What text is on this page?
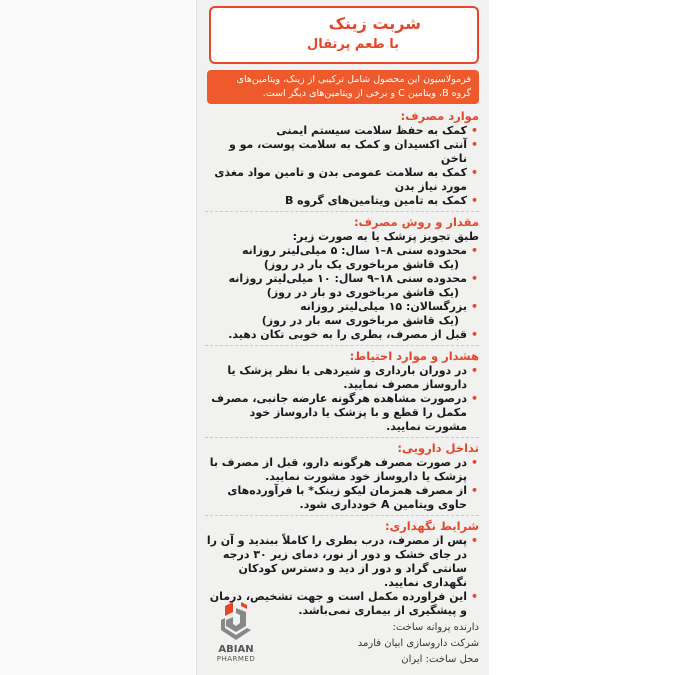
شربت زینک
با طعم پرتقال
فرمولاسیون این محصول شامل ترکیبی از زینک، ویتامین‌های گروه B، ویتامین C و برخی از ویتامین‌های دیگر است.
موارد مصرف:
• کمک به حفظ سلامت سیستم ایمنی
• آنتی اکسیدان و کمک به سلامت پوست، مو و ناخن
• کمک به سلامت عمومی بدن و تامین مواد مغذی مورد نیاز بدن
• کمک به تامین ویتامین‌های گروه B
مقدار و روش مصرف:
طبق تجویز پزشک یا به صورت زیر:
• محدوده سنی ۸–۱ سال: ۵ میلی‌لیتر روزانه
(یک قاشق مرباخوری یک بار در روز)
• محدوده سنی ۱۸–۹ سال: ۱۰ میلی‌لیتر روزانه
(یک قاشق مرباخوری دو بار در روز)
• بزرگسالان: ۱۵ میلی‌لیتر روزانه
(یک قاشق مرباخوری سه بار در روز)
• قبل از مصرف، بطری را به خوبی تکان دهید.
هشدار و موارد احتیاط:
• در دوران بارداری و شیردهی با نظر پزشک یا داروساز مصرف نمایید.
• درصورت مشاهده هرگونه عارضه جانبی، مصرف مکمل را قطع و با پزشک یا داروساز خود مشورت نمایید.
تداخل دارویی:
• در صورت مصرف هرگونه دارو، قبل از مصرف با پزشک یا داروساز خود مشورت نمایید.
• از مصرف همزمان لیکو زینک* با فرآورده‌های حاوی ویتامین A خودداری شود.
شرایط نگهداری:
• پس از مصرف، درب بطری را کاملاً ببندید و آن را در جای خشک و دور از نور، دمای زیر ۳۰ درجه سانتی گراد و دور از دید و دسترس کودکان نگهداری نمایید.
• این فراورده مکمل است و جهت تشخیص، درمان و پیشگیری از بیماری نمی‌باشد.
ABIAN
PHARMED
دارنده پروانه ساخت:
شرکت داروسازی ابیان فارمد
محل ساخت: ایران
